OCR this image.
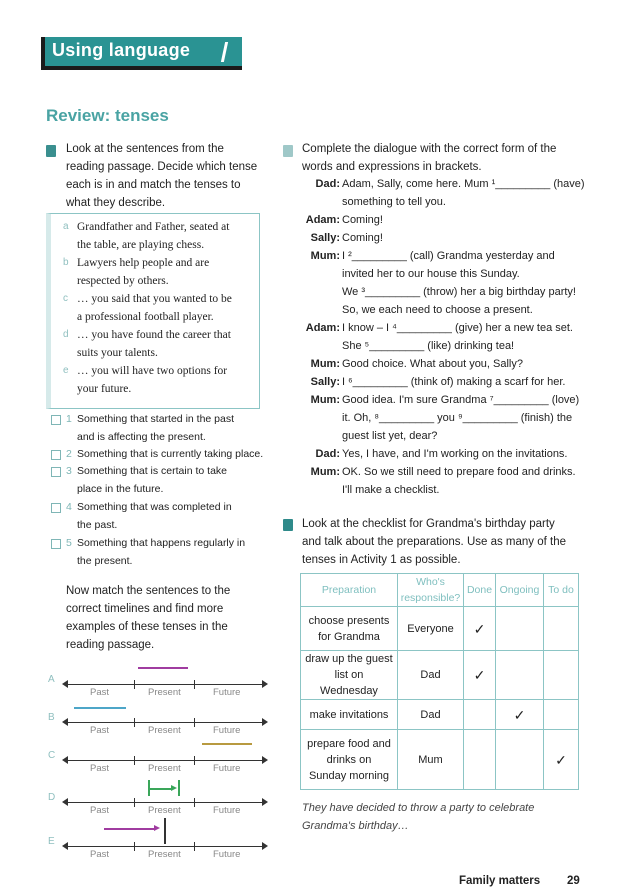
Using language
Review: tenses
Look at the sentences from the
reading passage. Decide which tense
each is in and match the tenses to
what they describe.
a Grandfather and Father, seated at
the table, are playing chess.
b Lawyers help people and are
respected by others.
c … you said that you wanted to be
a professional football player.
d … you have found the career that
suits your talents.
e … you will have two options for
your future.
1 Something that started in the past
and is affecting the present.
2 Something that is currently taking place.
3 Something that is certain to take
place in the future.
4 Something that was completed in
the past.
5 Something that happens regularly in
the present.
Now match the sentences to the
correct timelines and find more
examples of these tenses in the
reading passage.
A
Past	Present	Future
B
Past	Present	Future
C
Past	Present	Future
D
Past	Present	Future
E
Past	Present	Future
Complete the dialogue with the correct form of the
words and expressions in brackets.
Dad: Adam, Sally, come here. Mum ¹_________ (have)
something to tell you.
Adam: Coming!
Sally: Coming!
Mum: I ²_________ (call) Grandma yesterday and
invited her to our house this Sunday.
We ³_________ (throw) her a big birthday party!
So, we each need to choose a present.
Adam: I know – I ⁴_________ (give) her a new tea set.
She ⁵_________ (like) drinking tea!
Mum: Good choice. What about you, Sally?
Sally: I ⁶_________ (think of) making a scarf for her.
Mum: Good idea. I'm sure Grandma ⁷_________ (love)
it. Oh, ⁸_________ you ⁹_________ (finish) the
guest list yet, dear?
Dad: Yes, I have, and I'm working on the invitations.
Mum: OK. So we still need to prepare food and drinks.
I'll make a checklist.
Look at the checklist for Grandma's birthday party
and talk about the preparations. Use as many of the
tenses in Activity 1 as possible.
Preparation	Who's responsible?	Done	Ongoing	To do
choose presents for Grandma	Everyone	✓		
draw up the guest list on Wednesday	Dad	✓		
make invitations	Dad		✓	
prepare food and drinks on Sunday morning	Mum			✓
They have decided to throw a party to celebrate
Grandma's birthday…
Family matters 29
